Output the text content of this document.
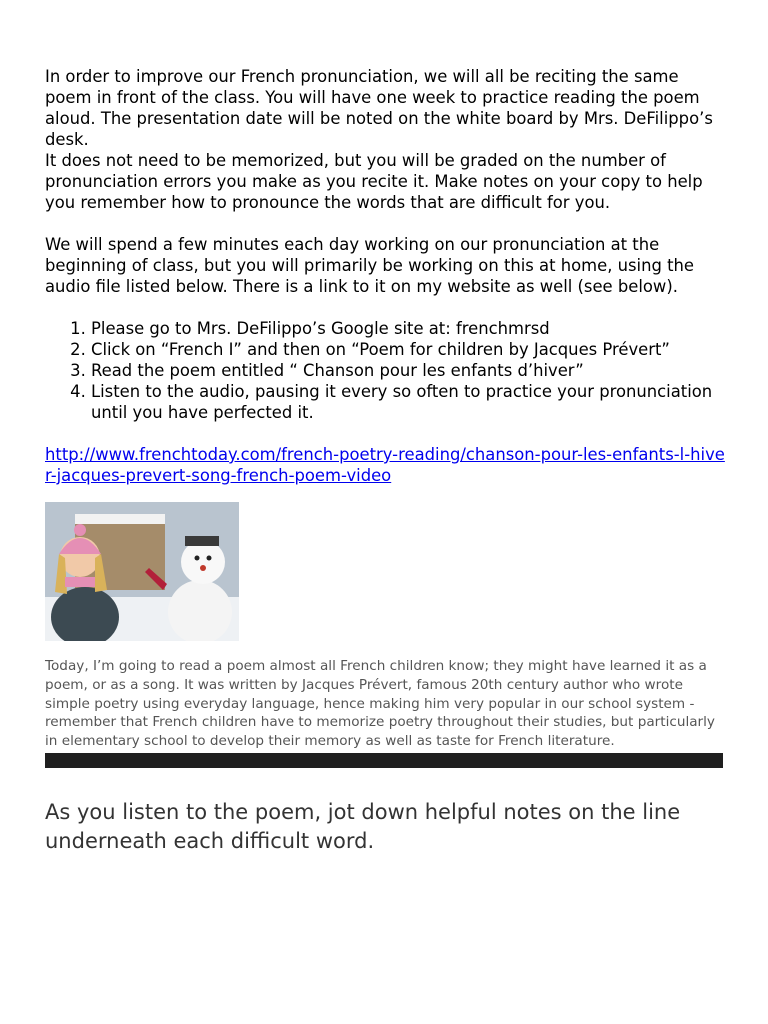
In order to improve our French pronunciation, we will all be reciting the same poem in front of the class. You will have one week to practice reading the poem aloud. The presentation date will be noted on the white board by Mrs. DeFilippo’s desk.

It does not need to be memorized, but you will be graded on the number of pronunciation errors you make as you recite it. Make notes on your copy to help you remember how to pronounce the words that are difficult for you.

We will spend a few minutes each day working on our pronunciation at the beginning of class, but you will primarily be working on this at home, using the audio file listed below. There is a link to it on my website as well (see below).

1. Please go to Mrs. DeFilippo’s Google site at: frenchmrsd
2. Click on “French I” and then on “Poem for children by Jacques Prévert”
3. Read the poem entitled “ Chanson pour les enfants d’hiver”
4. Listen to the audio, pausing it every so often to practice your pronunciation until you have perfected it.
http://www.frenchtoday.com/french-poetry-reading/chanson-pour-les-enfants-l-hiver-jacques-prevert-song-french-poem-video

Today, I’m going to read a poem almost all French children know; they might have learned it as a poem, or as a song. It was written by Jacques Prévert, famous 20th century author who wrote simple poetry using everyday language, hence making him very popular in our school system - remember that French children have to memorize poetry throughout their studies, but particularly in elementary school to develop their memory as well as taste for French literature.

As you listen to the poem, jot down helpful notes on the line underneath each difficult word.
